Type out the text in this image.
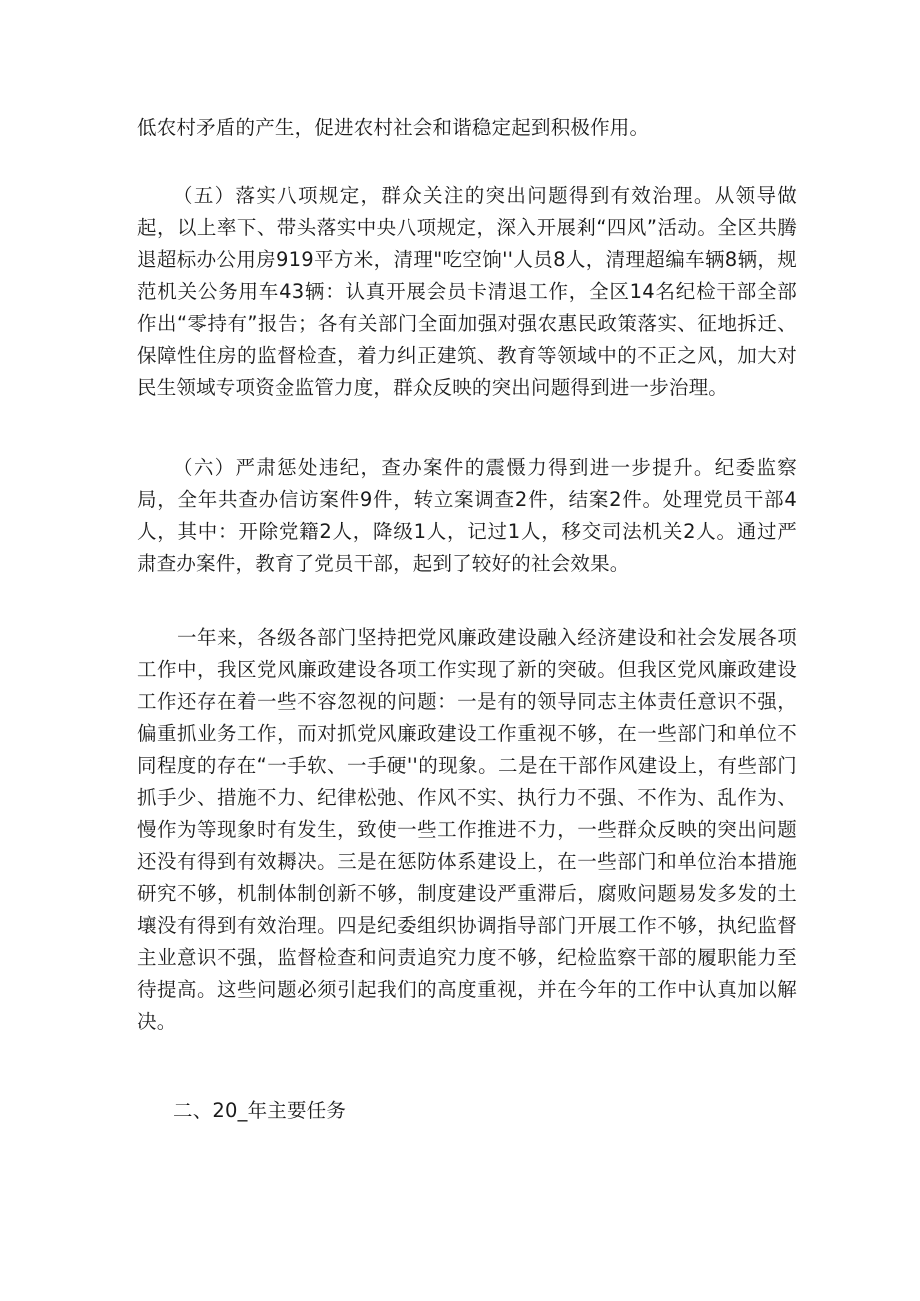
低农村矛盾的产生，促进农村社会和谐稳定起到积极作用。

（五）落实八项规定，群众关注的突出问题得到有效治理。从领导做起，以上率下、带头落实中央八项规定，深入开展剎“四风”活动。全区共腾退超标办公用房919平方米，清理"吃空饷''人员8人，清理超编车辆8辆，规范机关公务用车43辆：认真开展会员卡清退工作，全区14名纪检干部全部作出“零持有”报告；各有关部门全面加强对强农惠民政策落实、征地拆迁、保障性住房的监督检查，着力纠正建筑、教育等领域中的不正之风，加大对民生领域专项资金监管力度，群众反映的突出问题得到进一步治理。

（六）严肃惩处违纪，查办案件的震慑力得到进一步提升。纪委监察局，全年共查办信访案件9件，转立案调查2件，结案2件。处理党员干部4人，其中：开除党籍2人，降级1人，记过1人，移交司法机关2人。通过严肃查办案件，教育了党员干部，起到了较好的社会效果。

一年来，各级各部门坚持把党风廉政建设融入经济建设和社会发展各项工作中，我区党风廉政建设各项工作实现了新的突破。但我区党风廉政建设工作还存在着一些不容忽视的问题：一是有的领导同志主体责任意识不强，偏重抓业务工作，而对抓党风廉政建设工作重视不够，在一些部门和单位不同程度的存在“一手软、一手硬''的现象。二是在干部作风建设上，有些部门抓手少、措施不力、纪律松弛、作风不实、执行力不强、不作为、乱作为、慢作为等现象时有发生，致使一些工作推进不力，一些群众反映的突出问题还没有得到有效耨决。三是在惩防体系建设上，在一些部门和单位治本措施研究不够，机制体制创新不够，制度建设严重滞后，腐败问题易发多发的土壤没有得到有效治理。四是纪委组织协调指导部门开展工作不够，执纪监督主业意识不强，监督检查和问责追究力度不够，纪检监察干部的履职能力至待提高。这些问题必须引起我们的高度重视，并在今年的工作中认真加以解决。

二、20_年主要任务
